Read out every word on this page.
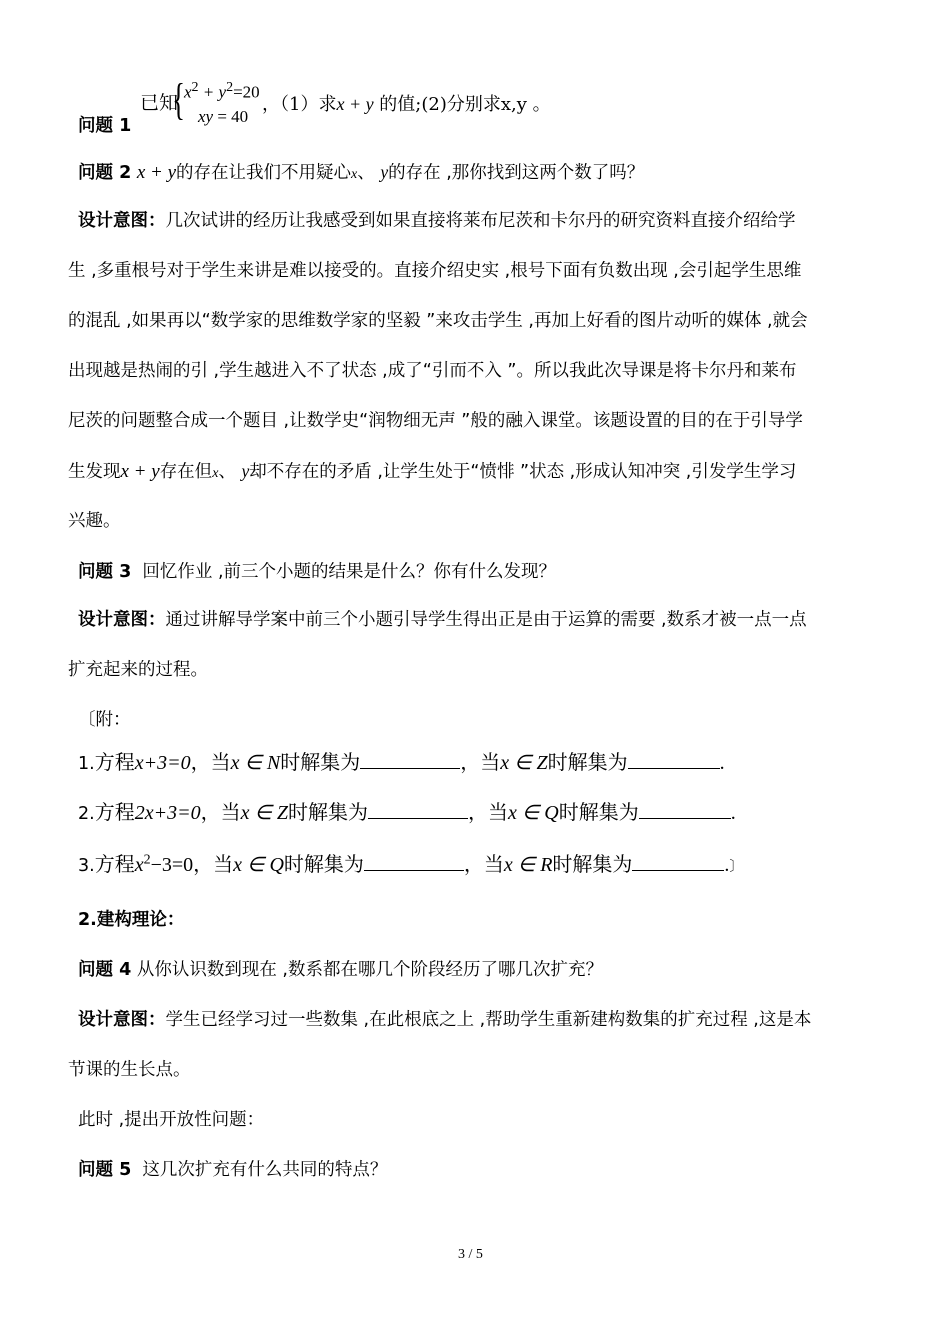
问题 1
已知
{ $x^2 + y^2=20$
xy = 40
，（1）求x + y 的值;(2)分别求x,y 。
问题 2 x + y的存在让我们不用疑心x、 y的存在 ,那你找到这两个数了吗？
设计意图：几次试讲的经历让我感受到如果直接将莱布尼茨和卡尔丹的研究资料直接介绍给学
生 ,多重根号对于学生来讲是难以接受的。直接介绍史实 ,根号下面有负数出现 ,会引起学生思维
的混乱 ,如果再以“数学家的思维数学家的坚毅 ”来攻击学生 ,再加上好看的图片动听的媒体 ,就会
出现越是热闹的引 ,学生越进入不了状态 ,成了“引而不入 ”。所以我此次导课是将卡尔丹和莱布
尼茨的问题整合成一个题目 ,让数学史“润物细无声 ”般的融入课堂。该题设置的目的在于引导学
生发现x + y存在但x、 y却不存在的矛盾 ,让学生处于“愤悱 ”状态 ,形成认知冲突 ,引发学生学习
兴趣。
问题 3 回忆作业 ,前三个小题的结果是什么？你有什么发现？
设计意图：通过讲解导学案中前三个小题引导学生得出正是由于运算的需要 ,数系才被一点一点
扩充起来的过程。
〔附：
1.方程x+3=0，当x ∈ N时解集为	，当x ∈ Z时解集为	.
2.方程2x+3=0，当x ∈ Z时解集为	，当x ∈ Q时解集为	.
3.方程$x^2-3=0$，当x ∈ Q时解集为	，当x ∈ R时解集为	.〕
2.建构理论：
问题 4 从你认识数到现在 ,数系都在哪几个阶段经历了哪几次扩充？
设计意图：学生已经学习过一些数集 ,在此根底之上 ,帮助学生重新建构数集的扩充过程 ,这是本
节课的生长点。
此时 ,提出开放性问题：
问题 5 这几次扩充有什么共同的特点？
3 / 5
